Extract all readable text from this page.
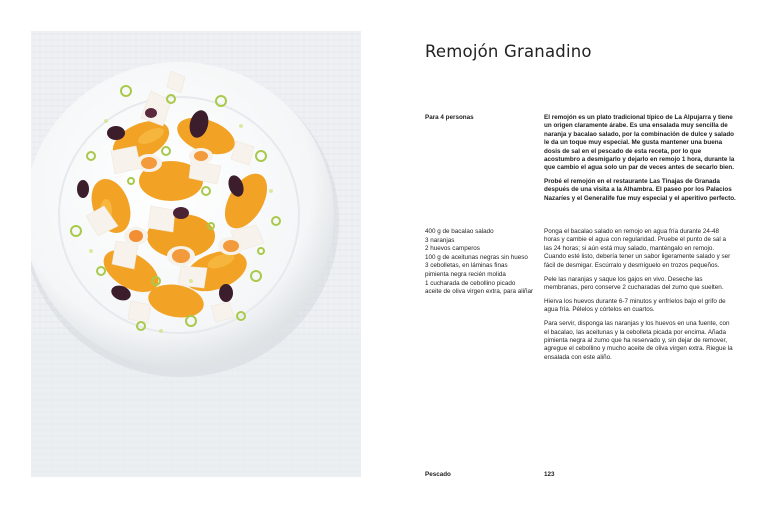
Remojón Granadino
Para 4 personas	El remojón es un plato tradicional típico de La Alpujarra y tiene un origen claramente árabe. Es una ensalada muy sencilla de naranja y bacalao salado, por la combinación de dulce y salado le da un toque muy especial. Me gusta mantener una buena dosis de sal en el pescado de esta receta, por lo que acostumbro a desmigarlo y dejarlo en remojo 1 hora, durante la que cambio el agua solo un par de veces antes de secarlo bien.

Probé el remojón en el restaurante Las Tinajas de Granada después de una visita a la Alhambra. El paseo por los Palacios Nazaríes y el Generalife fue muy especial y el aperitivo perfecto.

400 g de bacalao salado
3 naranjas
2 huevos camperos
100 g de aceitunas negras sin hueso
3 cebolletas, en láminas finas
pimienta negra recién molida
1 cucharada de cebollino picado
aceite de oliva virgen extra, para aliñar

Ponga el bacalao salado en remojo en agua fría durante 24-48 horas y cambie el agua con regularidad. Pruebe el punto de sal a las 24 horas; si aún está muy salado, manténgalo en remojo. Cuando esté listo, debería tener un sabor ligeramente salado y ser fácil de desmigar. Escúrralo y desmíguelo en trozos pequeños.

Pele las naranjas y saque los gajos en vivo. Deseche las membranas, pero conserve 2 cucharadas del zumo que suelten.

Hierva los huevos durante 6-7 minutos y enfríelos bajo el grifo de agua fría. Pélelos y córtelos en cuartos.

Para servir, disponga las naranjas y los huevos en una fuente, con el bacalao, las aceitunas y la cebolleta picada por encima. Añada pimienta negra al zumo que ha reservado y, sin dejar de remover, agregue el cebollino y mucho aceite de oliva virgen extra. Riegue la ensalada con este aliño.

Pescado	123
